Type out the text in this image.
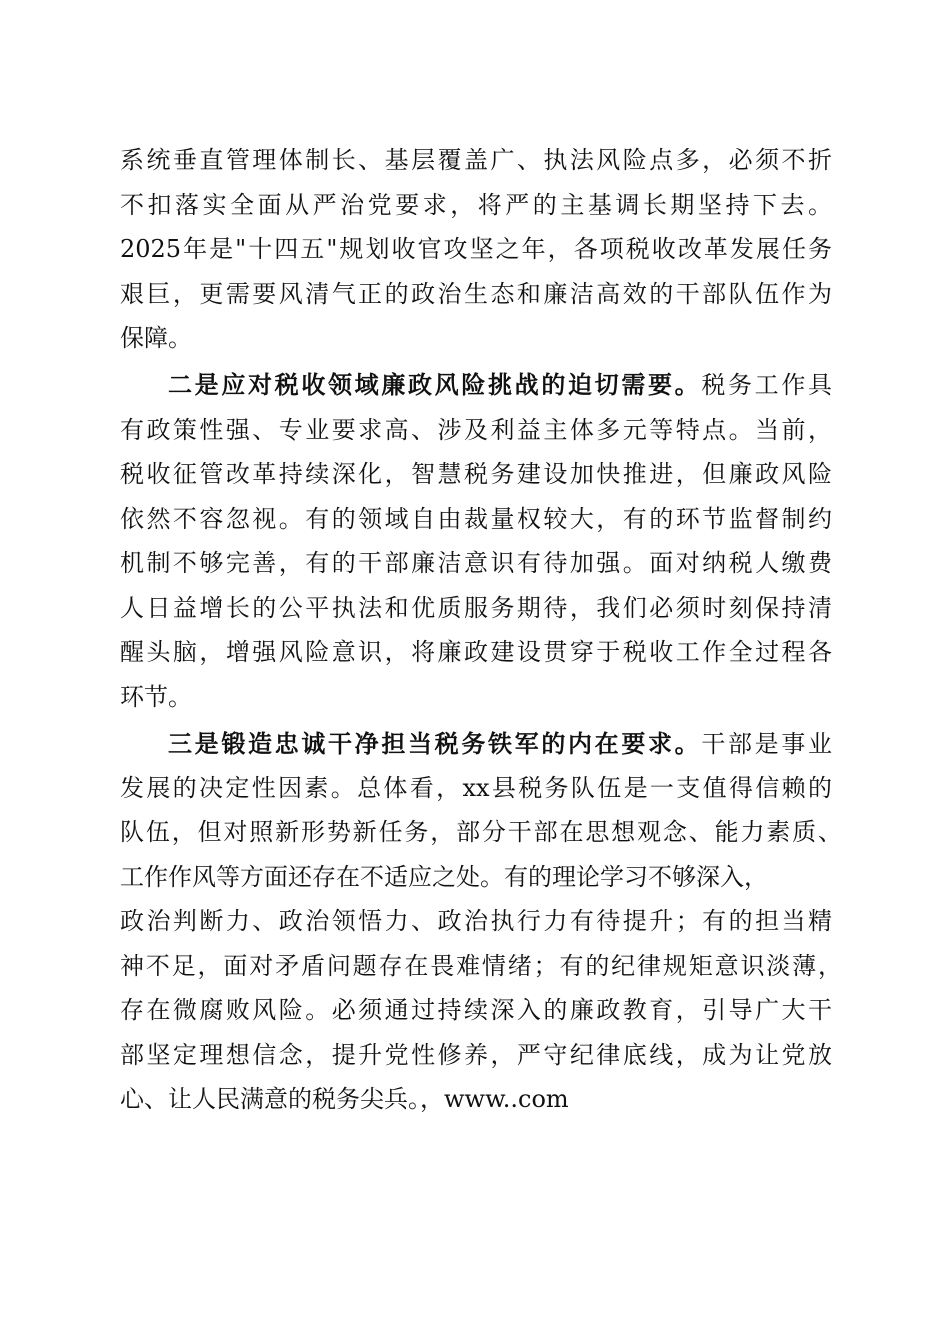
系统垂直管理体制长、基层覆盖广、执法风险点多，必须不折
不扣落实全面从严治党要求，将严的主基调长期坚持下去。
2025年是"十四五"规划收官攻坚之年，各项税收改革发展任务
艰巨，更需要风清气正的政治生态和廉洁高效的干部队伍作为
保障。
二是应对税收领域廉政风险挑战的迫切需要。税务工作具
有政策性强、专业要求高、涉及利益主体多元等特点。当前，
税收征管改革持续深化，智慧税务建设加快推进，但廉政风险
依然不容忽视。有的领域自由裁量权较大，有的环节监督制约
机制不够完善，有的干部廉洁意识有待加强。面对纳税人缴费
人日益增长的公平执法和优质服务期待，我们必须时刻保持清
醒头脑，增强风险意识，将廉政建设贯穿于税收工作全过程各
环节。
三是锻造忠诚干净担当税务铁军的内在要求。干部是事业
发展的决定性因素。总体看，xx县税务队伍是一支值得信赖的
队伍，但对照新形势新任务，部分干部在思想观念、能力素质、
工作作风等方面还存在不适应之处。有的理论学习不够深入，
政治判断力、政治领悟力、政治执行力有待提升；有的担当精
神不足，面对矛盾问题存在畏难情绪；有的纪律规矩意识淡薄，
存在微腐败风险。必须通过持续深入的廉政教育，引导广大干
部坚定理想信念，提升党性修养，严守纪律底线，成为让党放
心、让人民满意的税务尖兵。，www..com
